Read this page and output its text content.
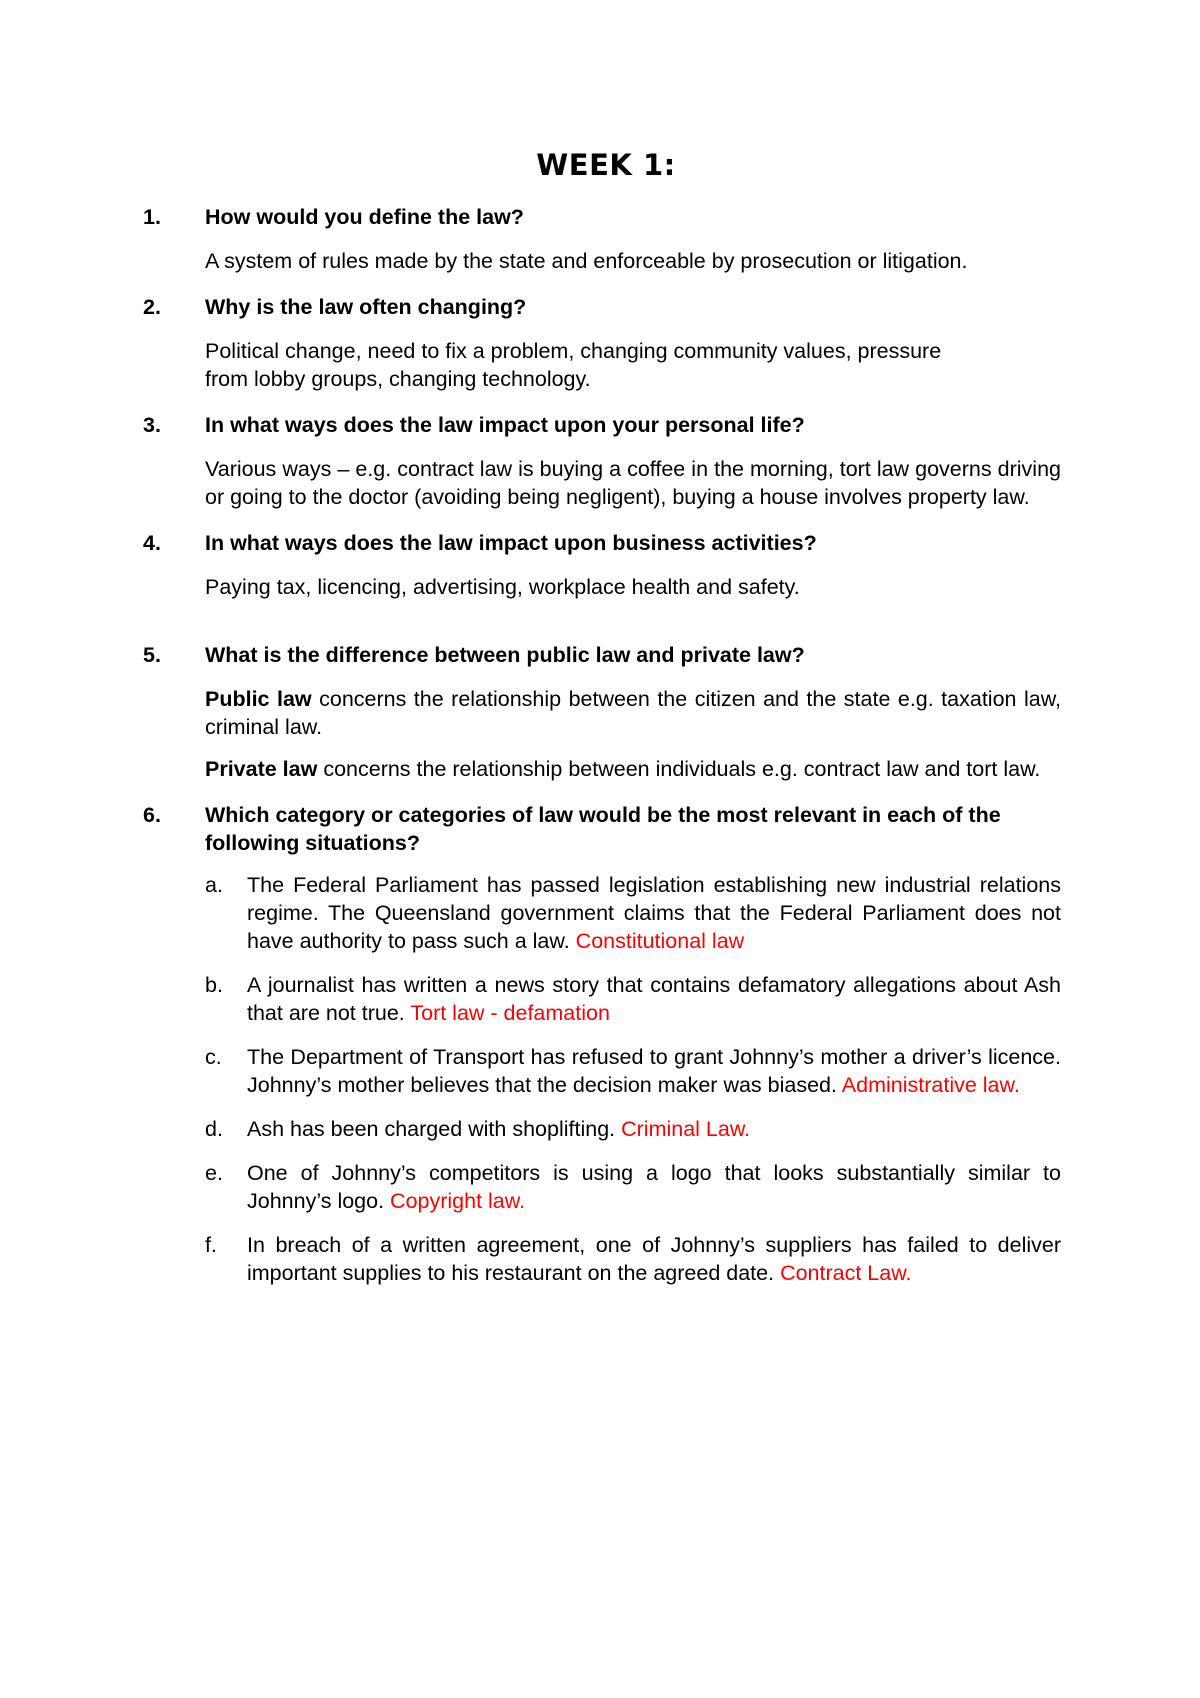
WEEK 1:

1. How would you define the law?

A system of rules made by the state and enforceable by prosecution or litigation.

2. Why is the law often changing?

Political change, need to fix a problem, changing community values, pressure from lobby groups, changing technology.

3. In what ways does the law impact upon your personal life?

Various ways – e.g. contract law is buying a coffee in the morning, tort law governs driving or going to the doctor (avoiding being negligent), buying a house involves property law.

4. In what ways does the law impact upon business activities?

Paying tax, licencing, advertising, workplace health and safety.

5. What is the difference between public law and private law?

Public law concerns the relationship between the citizen and the state e.g. taxation law, criminal law.

Private law concerns the relationship between individuals e.g. contract law and tort law.

6. Which category or categories of law would be the most relevant in each of the following situations?

a. The Federal Parliament has passed legislation establishing new industrial relations regime. The Queensland government claims that the Federal Parliament does not have authority to pass such a law. Constitutional law
b. A journalist has written a news story that contains defamatory allegations about Ash that are not true. Tort law - defamation
c. The Department of Transport has refused to grant Johnny’s mother a driver’s licence. Johnny’s mother believes that the decision maker was biased. Administrative law.
d. Ash has been charged with shoplifting. Criminal Law.
e. One of Johnny’s competitors is using a logo that looks substantially similar to Johnny’s logo. Copyright law.
f. In breach of a written agreement, one of Johnny’s suppliers has failed to deliver important supplies to his restaurant on the agreed date. Contract Law.
